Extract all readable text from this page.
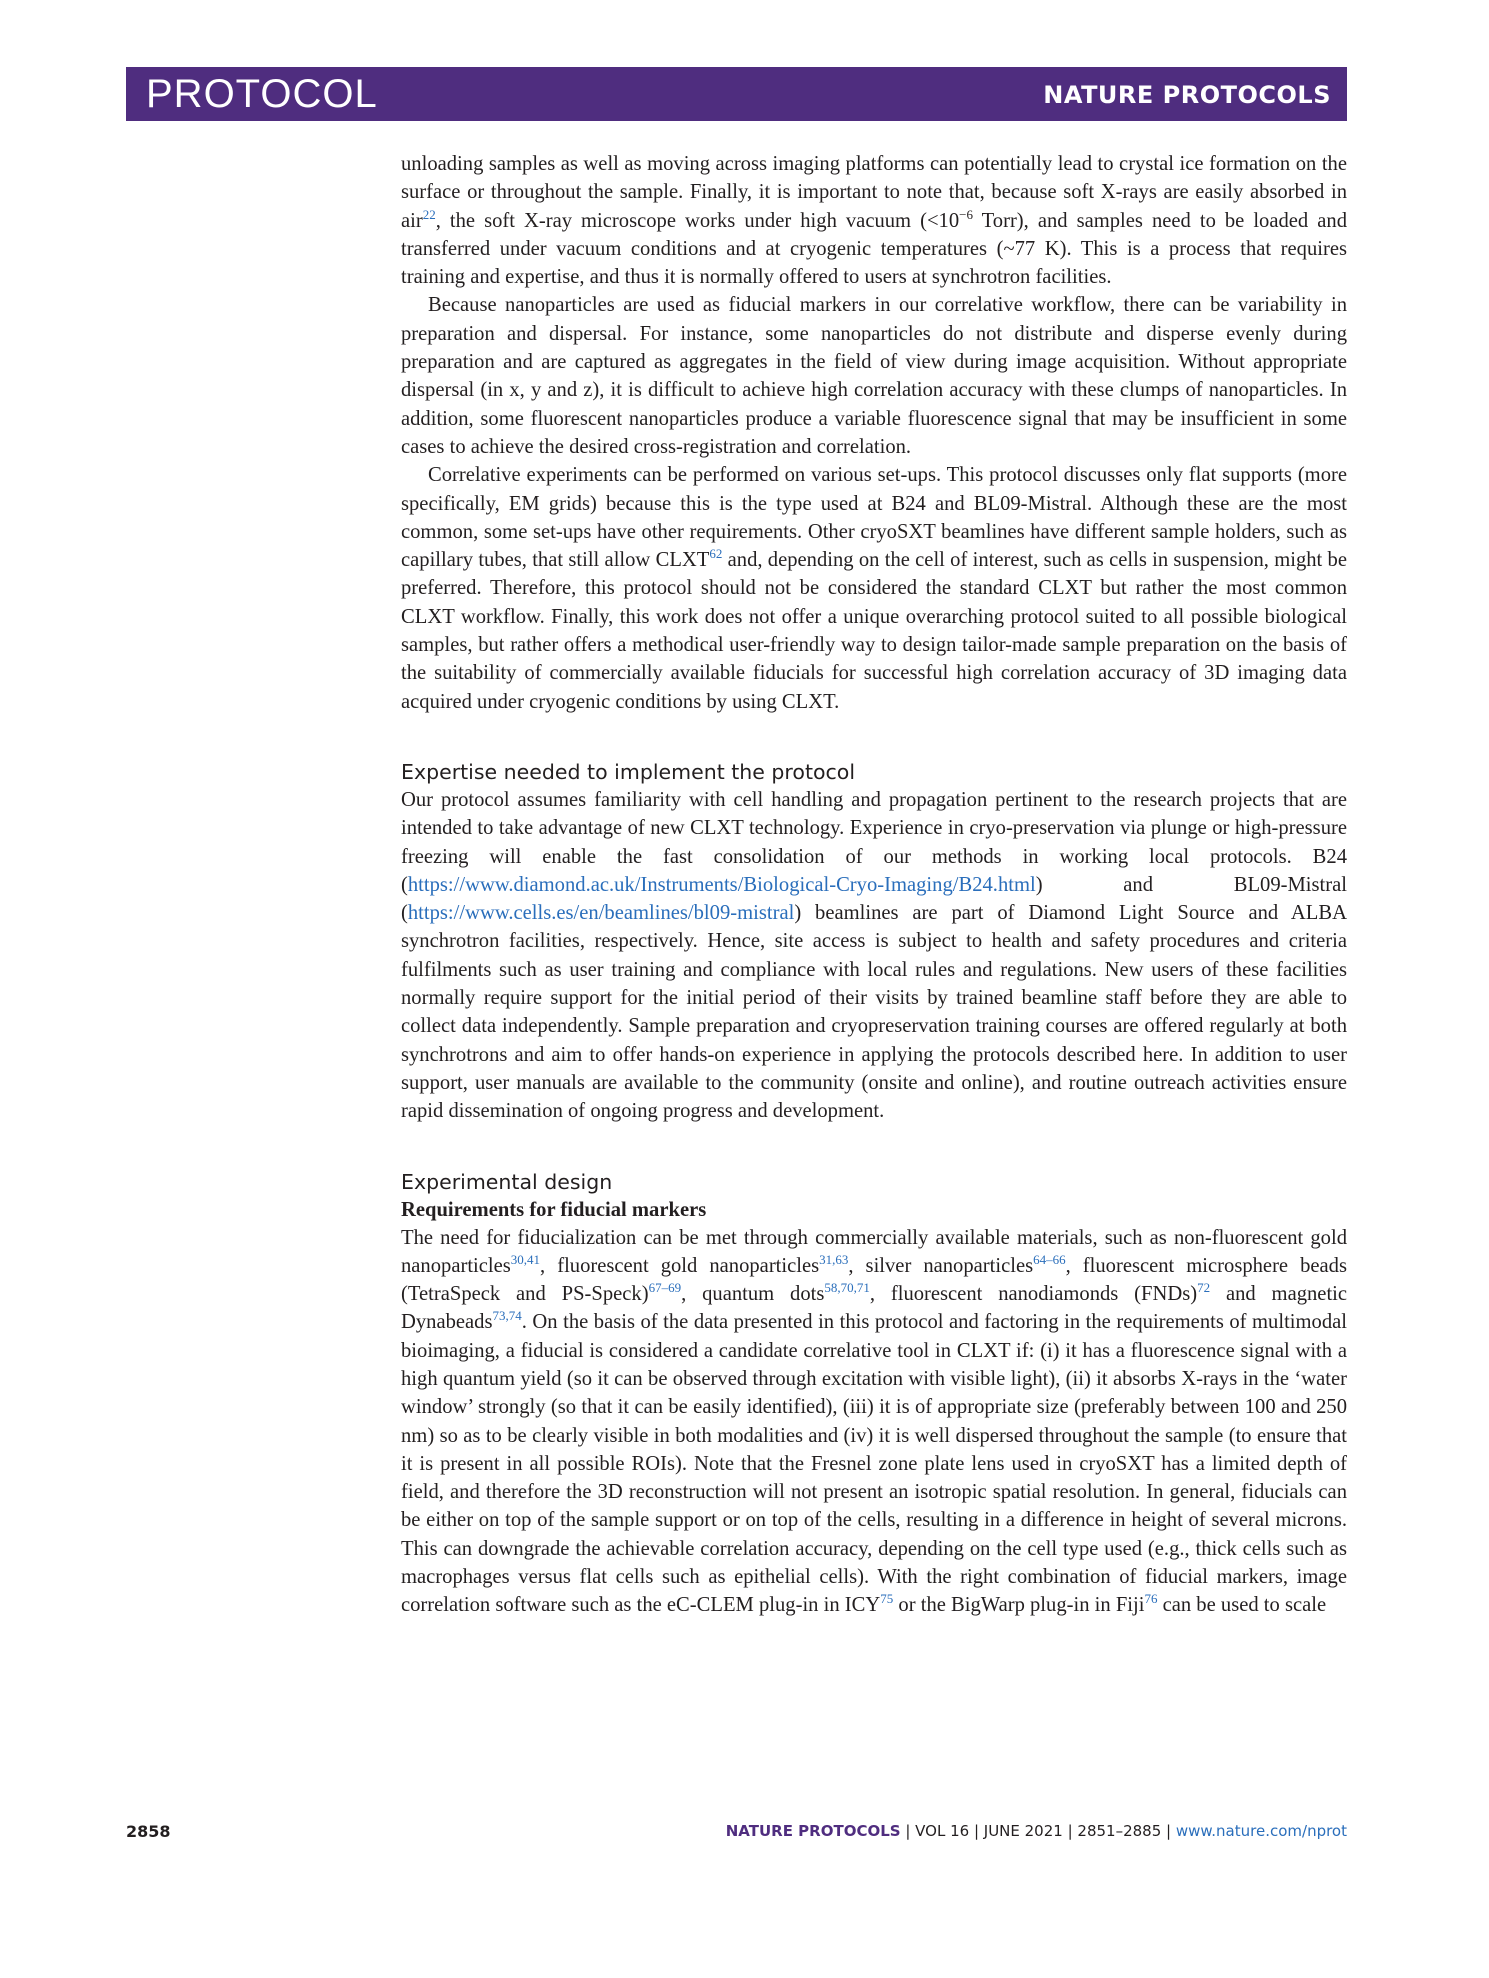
PROTOCOL	NATURE PROTOCOLS

unloading samples as well as moving across imaging platforms can potentially lead to crystal ice formation on the surface or throughout the sample. Finally, it is important to note that, because soft X-rays are easily absorbed in air$^{22}$, the soft X-ray microscope works under high vacuum ($<10^{-6}$ Torr), and samples need to be loaded and transferred under vacuum conditions and at cryogenic temperatures (~77 K). This is a process that requires training and expertise, and thus it is normally offered to users at synchrotron facilities.

Because nanoparticles are used as fiducial markers in our correlative workflow, there can be variability in preparation and dispersal. For instance, some nanoparticles do not distribute and disperse evenly during preparation and are captured as aggregates in the field of view during image acquisition. Without appropriate dispersal (in x, y and z), it is difficult to achieve high correlation accuracy with these clumps of nanoparticles. In addition, some fluorescent nanoparticles produce a variable fluorescence signal that may be insufficient in some cases to achieve the desired cross-registration and correlation.

Correlative experiments can be performed on various set-ups. This protocol discusses only flat supports (more specifically, EM grids) because this is the type used at B24 and BL09-Mistral. Although these are the most common, some set-ups have other requirements. Other cryoSXT beamlines have different sample holders, such as capillary tubes, that still allow CLXT$^{62}$ and, depending on the cell of interest, such as cells in suspension, might be preferred. Therefore, this protocol should not be considered the standard CLXT but rather the most common CLXT workflow. Finally, this work does not offer a unique overarching protocol suited to all possible biological samples, but rather offers a methodical user-friendly way to design tailor-made sample preparation on the basis of the suitability of commercially available fiducials for successful high correlation accuracy of 3D imaging data acquired under cryogenic conditions by using CLXT.

Expertise needed to implement the protocol

Our protocol assumes familiarity with cell handling and propagation pertinent to the research projects that are intended to take advantage of new CLXT technology. Experience in cryo-preservation via plunge or high-pressure freezing will enable the fast consolidation of our methods in working local protocols. B24 (https://www.diamond.ac.uk/Instruments/Biological-Cryo-Imaging/B24.html) and BL09-Mistral (https://www.cells.es/en/beamlines/bl09-mistral) beamlines are part of Diamond Light Source and ALBA synchrotron facilities, respectively. Hence, site access is subject to health and safety procedures and criteria fulfilments such as user training and compliance with local rules and regulations. New users of these facilities normally require support for the initial period of their visits by trained beamline staff before they are able to collect data independently. Sample preparation and cryopreservation training courses are offered regularly at both synchrotrons and aim to offer hands-on experience in applying the protocols described here. In addition to user support, user manuals are available to the community (onsite and online), and routine outreach activities ensure rapid dissemination of ongoing progress and development.

Experimental design
Requirements for fiducial markers

The need for fiducialization can be met through commercially available materials, such as non-fluorescent gold nanoparticles$^{30,41}$, fluorescent gold nanoparticles$^{31,63}$, silver nanoparticles$^{64-66}$, fluorescent microsphere beads (TetraSpeck and PS-Speck)$^{67-69}$, quantum dots$^{58,70,71}$, fluorescent nanodiamonds (FNDs)$^{72}$ and magnetic Dynabeads$^{73,74}$. On the basis of the data presented in this protocol and factoring in the requirements of multimodal bioimaging, a fiducial is considered a candidate correlative tool in CLXT if: (i) it has a fluorescence signal with a high quantum yield (so it can be observed through excitation with visible light), (ii) it absorbs X-rays in the ‘water window’ strongly (so that it can be easily identified), (iii) it is of appropriate size (preferably between 100 and 250 nm) so as to be clearly visible in both modalities and (iv) it is well dispersed throughout the sample (to ensure that it is present in all possible ROIs). Note that the Fresnel zone plate lens used in cryoSXT has a limited depth of field, and therefore the 3D reconstruction will not present an isotropic spatial resolution. In general, fiducials can be either on top of the sample support or on top of the cells, resulting in a difference in height of several microns. This can downgrade the achievable correlation accuracy, depending on the cell type used (e.g., thick cells such as macrophages versus flat cells such as epithelial cells). With the right combination of fiducial markers, image correlation software such as the eC-CLEM plug-in in ICY$^{75}$ or the BigWarp plug-in in Fiji$^{76}$ can be used to scale

2858	NATURE PROTOCOLS | VOL 16 | JUNE 2021 | 2851–2885 | www.nature.com/nprot
